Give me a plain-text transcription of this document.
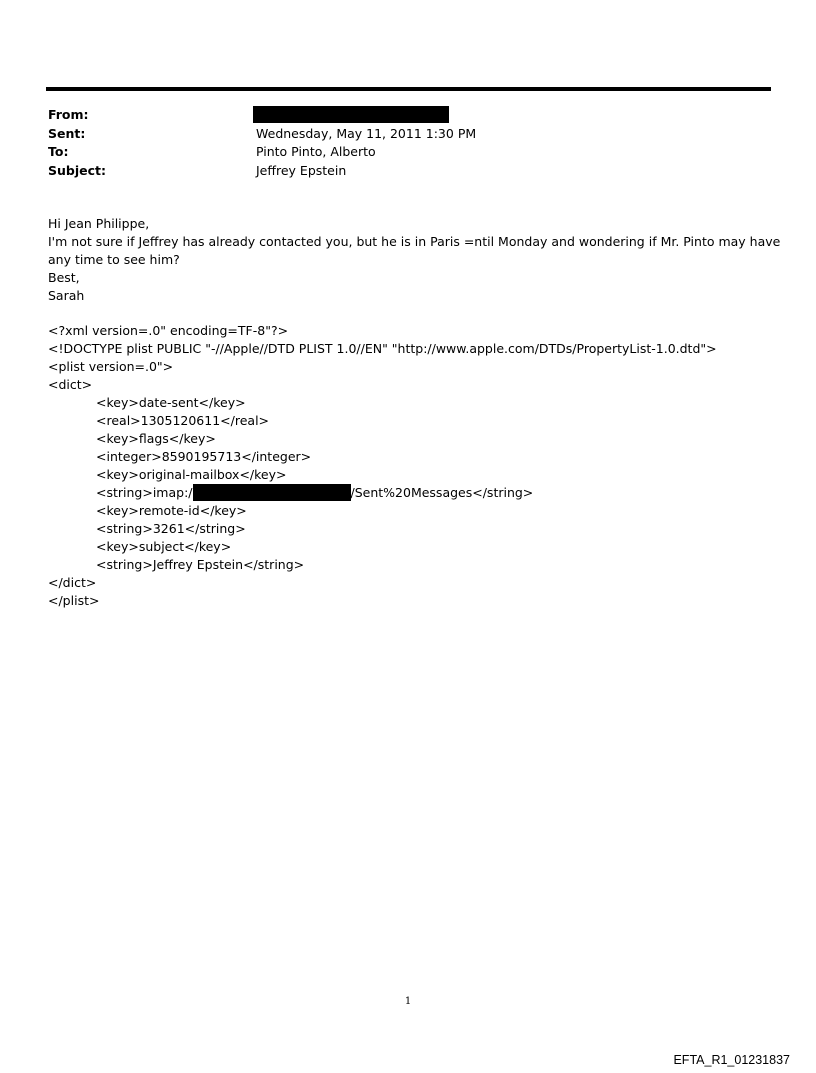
From:
Sent:	Wednesday, May 11, 2011 1:30 PM
To:	Pinto Pinto, Alberto
Subject:	Jeffrey Epstein
Hi Jean Philippe,
I'm not sure if Jeffrey has already contacted you, but he is in Paris =ntil Monday and wondering if Mr. Pinto may have
any time to see him?
Best,
Sarah
<?xml version=.0" encoding=TF-8"?>
<!DOCTYPE plist PUBLIC "-//Apple//DTD PLIST 1.0//EN" "http://www.apple.com/DTDs/PropertyList-1.0.dtd">
<plist version=.0">
<dict>
<key>date-sent</key>
<real>1305120611</real>
<key>flags</key>
<integer>8590195713</integer>
<key>original-mailbox</key>
<string>imap:/	/Sent%20Messages</string>
<key>remote-id</key>
<string>3261</string>
<key>subject</key>
<string>Jeffrey Epstein</string>
</dict>
</plist>
1
EFTA_R1_01231837
